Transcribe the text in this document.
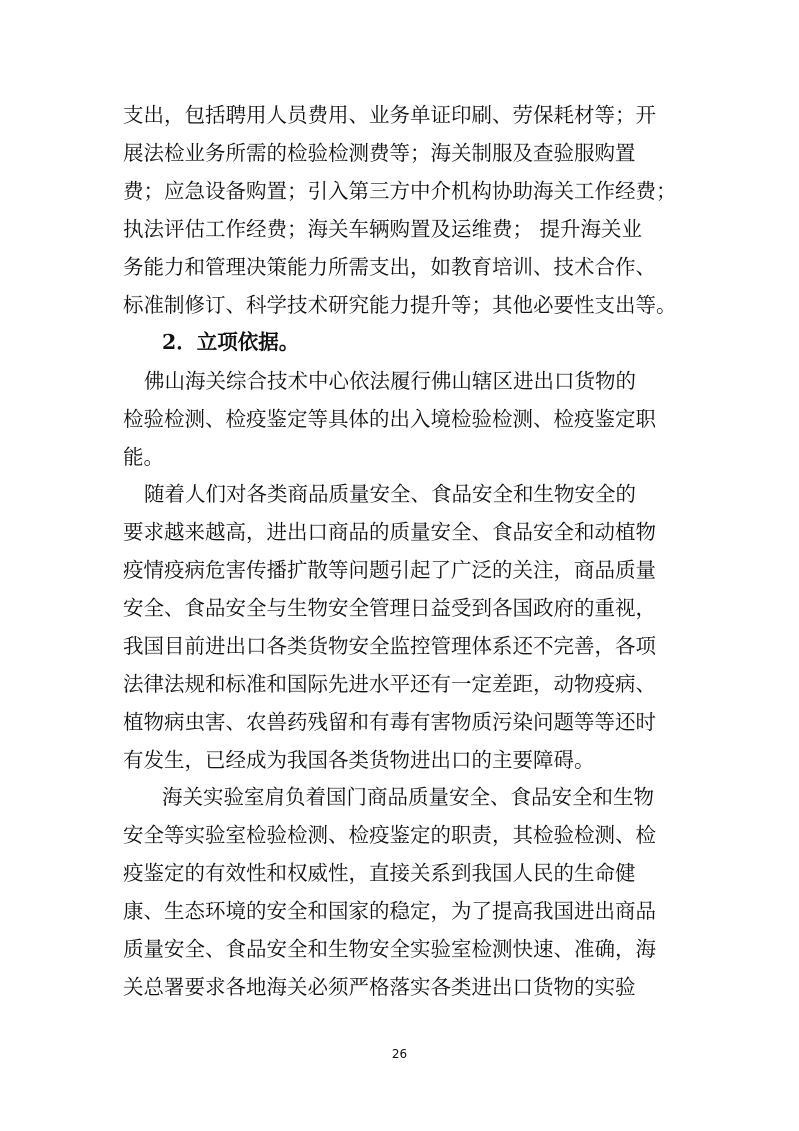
支出，包括聘用人员费用、业务单证印刷、劳保耗材等；开
展法检业务所需的检验检测费等；海关制服及查验服购置
费；应急设备购置；引入第三方中介机构协助海关工作经费；
执法评估工作经费；海关车辆购置及运维费； 提升海关业
务能力和管理决策能力所需支出，如教育培训、技术合作、
标准制修订、科学技术研究能力提升等；其他必要性支出等。
2．立项依据。
佛山海关综合技术中心依法履行佛山辖区进出口货物的
检验检测、检疫鉴定等具体的出入境检验检测、检疫鉴定职
能。
随着人们对各类商品质量安全、食品安全和生物安全的
要求越来越高，进出口商品的质量安全、食品安全和动植物
疫情疫病危害传播扩散等问题引起了广泛的关注，商品质量
安全、食品安全与生物安全管理日益受到各国政府的重视，
我国目前进出口各类货物安全监控管理体系还不完善，各项
法律法规和标准和国际先进水平还有一定差距，动物疫病、
植物病虫害、农兽药残留和有毒有害物质污染问题等等还时
有发生，已经成为我国各类货物进出口的主要障碍。
海关实验室肩负着国门商品质量安全、食品安全和生物
安全等实验室检验检测、检疫鉴定的职责，其检验检测、检
疫鉴定的有效性和权威性，直接关系到我国人民的生命健
康、生态环境的安全和国家的稳定，为了提高我国进出商品
质量安全、食品安全和生物安全实验室检测快速、准确，海
关总署要求各地海关必须严格落实各类进出口货物的实验
26
